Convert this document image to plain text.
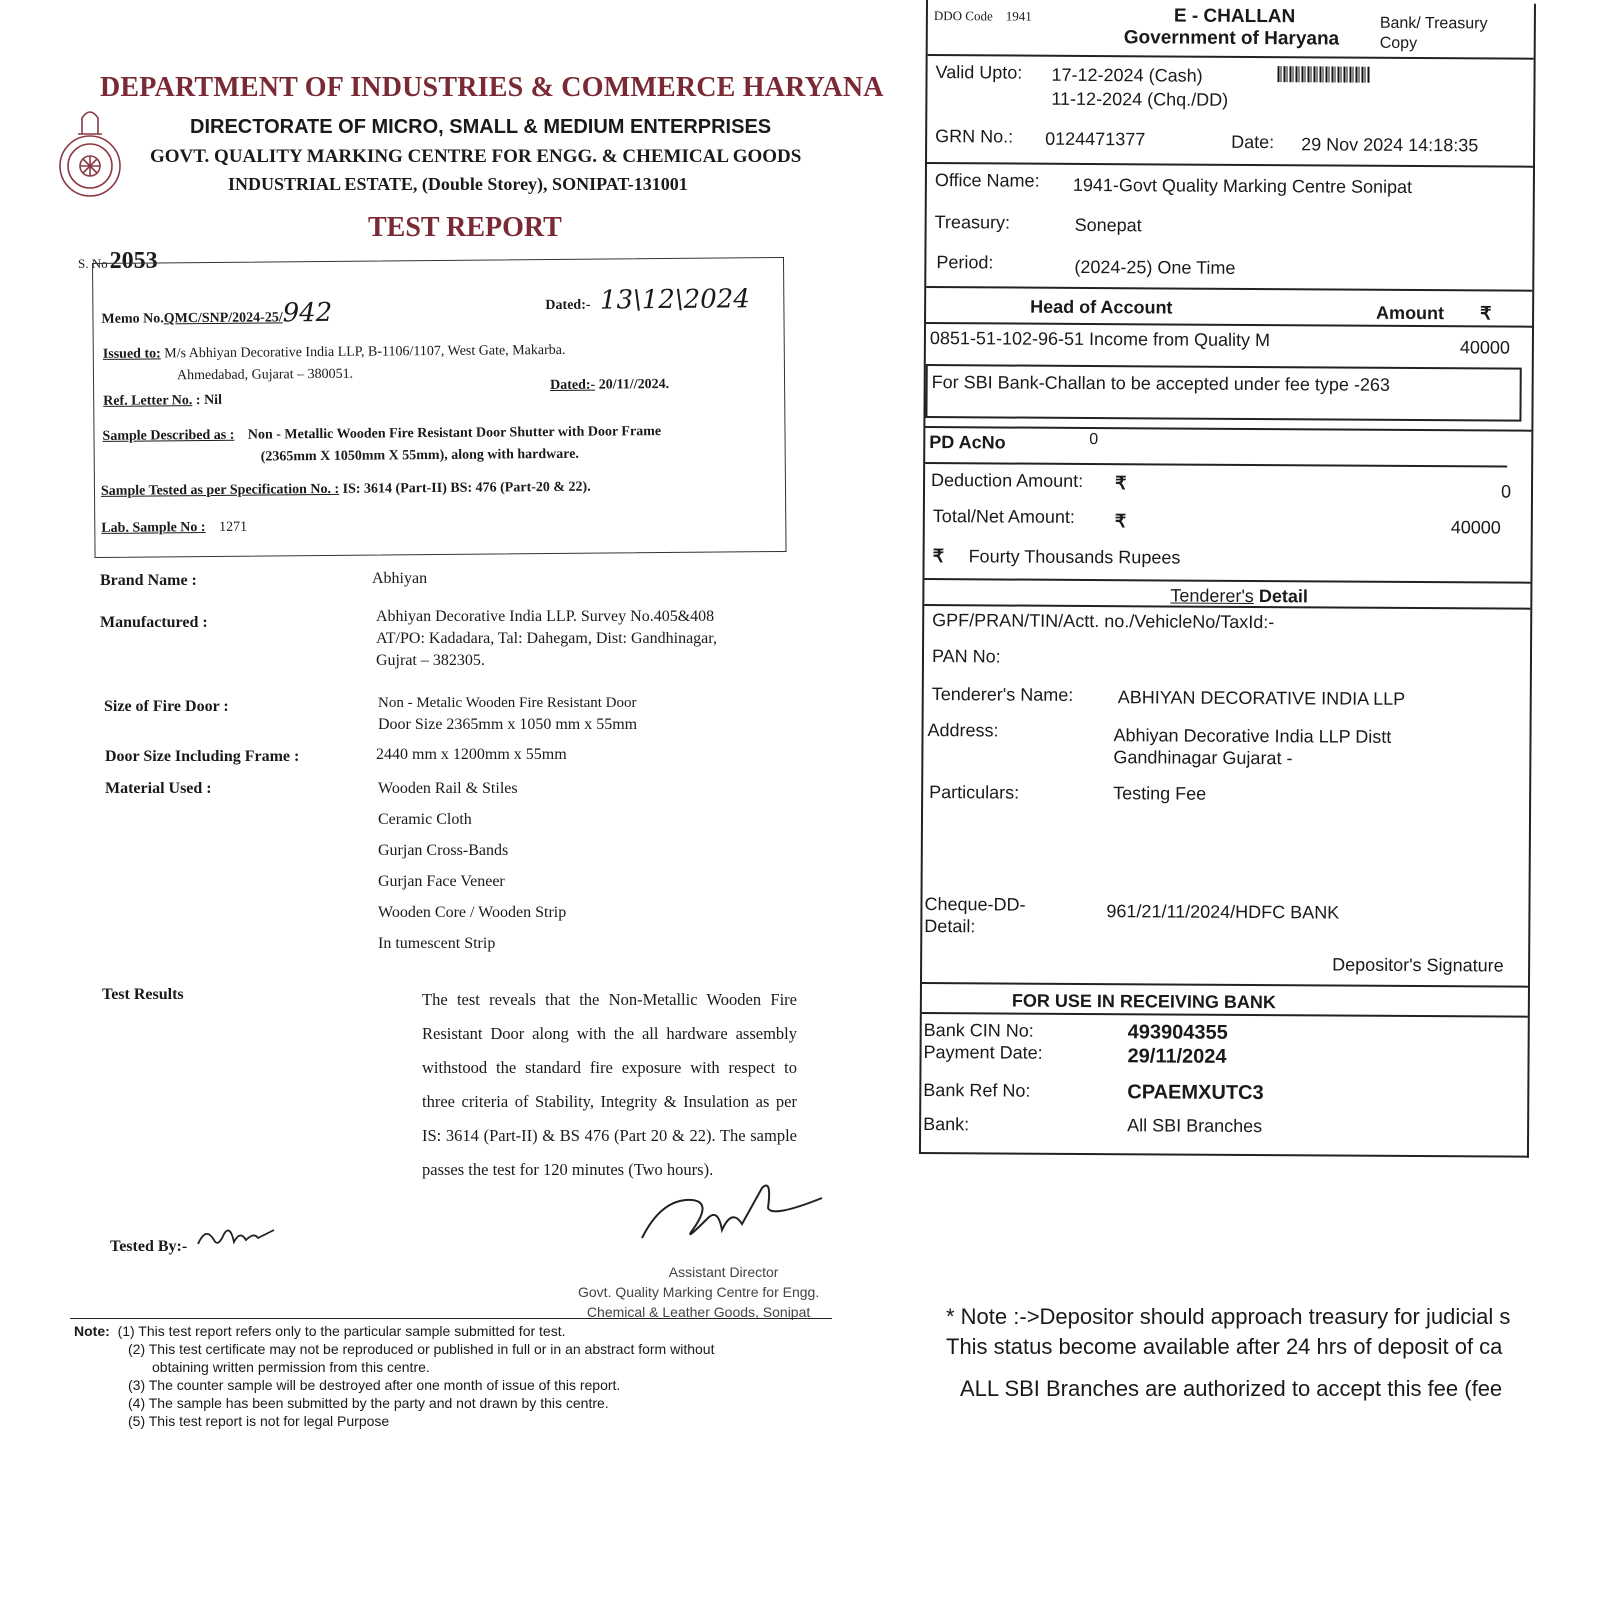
DEPARTMENT OF INDUSTRIES & COMMERCE HARYANA
DIRECTORATE OF MICRO, SMALL & MEDIUM ENTERPRISES
GOVT. QUALITY MARKING CENTRE FOR ENGG. & CHEMICAL GOODS
INDUSTRIAL ESTATE, (Double Storey), SONIPAT-131001
TEST REPORT
S. No2053
Memo No.QMC/SNP/2024-25/942	Dated:- 13\12\2024
Issued to: M/s Abhiyan Decorative India LLP, B-1106/1107, West Gate, Makarba.
Ahmedabad, Gujarat – 380051.
Ref. Letter No. : Nil
Dated:- 20/11//2024.
Sample Described as : Non - Metallic Wooden Fire Resistant Door Shutter with Door Frame
(2365mm X 1050mm X 55mm), along with hardware.
Sample Tested as per Specification No. : IS: 3614 (Part-II) BS: 476 (Part-20 & 22).
Lab. Sample No : 1271
Brand Name :	Abhiyan
Manufactured :	Abhiyan Decorative India LLP. Survey No.405&408
AT/PO: Kadadara, Tal: Dahegam, Dist: Gandhinagar,
Gujrat – 382305.
Size of Fire Door :	Non - Metalic Wooden Fire Resistant Door
Door Size 2365mm x 1050 mm x 55mm
Door Size Including Frame :	2440 mm x 1200mm x 55mm
Material Used :	Wooden Rail & Stiles
Ceramic Cloth
Gurjan Cross-Bands
Gurjan Face Veneer
Wooden Core / Wooden Strip
In tumescent Strip
Test Results	The test reveals that the Non-Metallic Wooden Fire Resistant Door along with the all hardware assembly withstood the standard fire exposure with respect to three criteria of Stability, Integrity & Insulation as per IS: 3614 (Part-II) & BS 476 (Part 20 & 22). The sample passes the test for 120 minutes (Two hours).
Tested By:-
Assistant Director
Govt. Quality Marking Centre for Engg.
Chemical & Leather Goods, Sonipat
Note: (1) This test report refers only to the particular sample submitted for test.
(2) This test certificate may not be reproduced or published in full or in an abstract form without
obtaining written permission from this centre.
(3) The counter sample will be destroyed after one month of issue of this report.
(4) The sample has been submitted by the party and not drawn by this centre.
(5) This test report is not for legal Purpose
DDO Code 1941	E - CHALLAN
Government of Haryana
Bank/ Treasury
Copy
Valid Upto: 17-12-2024 (Cash)
11-12-2024 (Chq./DD)
GRN No.: 0124471377	Date: 29 Nov 2024 14:18:35
Office Name: 1941-Govt Quality Marking Centre Sonipat
Treasury:	Sonepat
Period:	(2024-25) One Time
Head of Account	Amount ₹
0851-51-102-96-51 Income from Quality M	40000
For SBI Bank-Challan to be accepted under fee type -263
PD AcNo	0
Deduction Amount: ₹	0
Total/Net Amount: ₹	40000
₹ Fourty Thousands Rupees
Tenderer's Detail
GPF/PRAN/TIN/Actt. no./VehicleNo/TaxId:-
PAN No:
Tenderer's Name: ABHIYAN DECORATIVE INDIA LLP
Address:	Abhiyan Decorative India LLP Distt
Gandhinagar Gujarat -
Particulars:	Testing Fee
Cheque-DD-
Detail:
961/21/11/2024/HDFC BANK
Depositor's Signature
FOR USE IN RECEIVING BANK
Bank CIN No:	493904355
Payment Date:	29/11/2024
Bank Ref No:	CPAEMXUTC3
Bank:	All SBI Branches
* Note :->Depositor should approach treasury for judicial s
This status become available after 24 hrs of deposit of ca
ALL SBI Branches are authorized to accept this fee (fee
